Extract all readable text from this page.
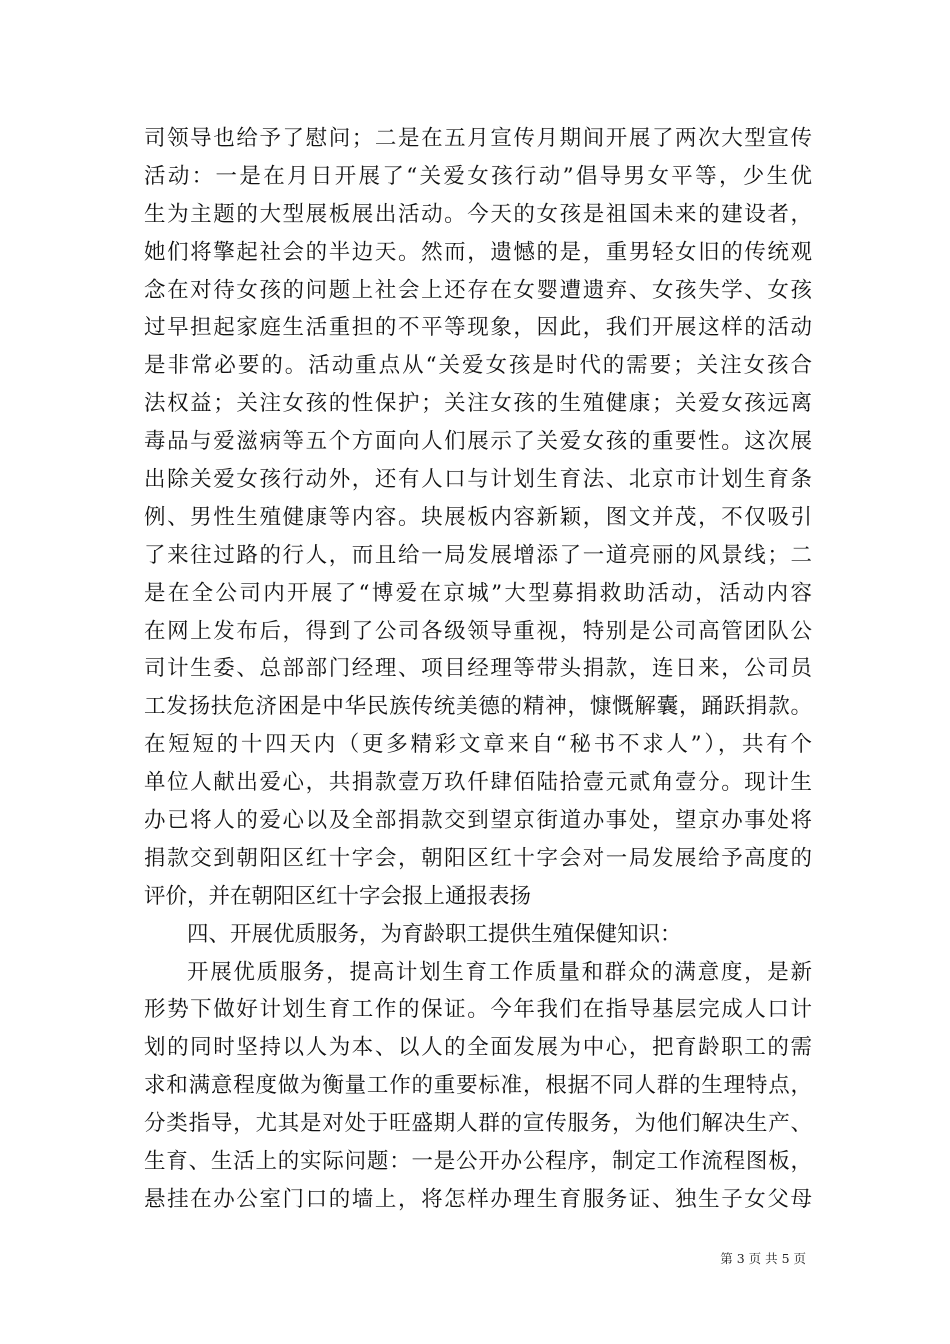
司领导也给予了慰问；二是在五月宣传月期间开展了两次大型宣传
活动：一是在月日开展了“关爱女孩行动”倡导男女平等，少生优
生为主题的大型展板展出活动。今天的女孩是祖国未来的建设者，
她们将擎起社会的半边天。然而，遗憾的是，重男轻女旧的传统观
念在对待女孩的问题上社会上还存在女婴遭遗弃、女孩失学、女孩
过早担起家庭生活重担的不平等现象，因此，我们开展这样的活动
是非常必要的。活动重点从“关爱女孩是时代的需要；关注女孩合
法权益；关注女孩的性保护；关注女孩的生殖健康；关爱女孩远离
毒品与爱滋病等五个方面向人们展示了关爱女孩的重要性。这次展
出除关爱女孩行动外，还有人口与计划生育法、北京市计划生育条
例、男性生殖健康等内容。块展板内容新颖，图文并茂，不仅吸引
了来往过路的行人，而且给一局发展增添了一道亮丽的风景线；二
是在全公司内开展了“博爱在京城”大型募捐救助活动，活动内容
在网上发布后，得到了公司各级领导重视，特别是公司高管团队公
司计生委、总部部门经理、项目经理等带头捐款，连日来，公司员
工发扬扶危济困是中华民族传统美德的精神，慷慨解囊，踊跃捐款。
在短短的十四天内（更多精彩文章来自“秘书不求人”），共有个
单位人献出爱心，共捐款壹万玖仟肆佰陆拾壹元贰角壹分。现计生
办已将人的爱心以及全部捐款交到望京街道办事处，望京办事处将
捐款交到朝阳区红十字会，朝阳区红十字会对一局发展给予高度的
评价，并在朝阳区红十字会报上通报表扬
四、开展优质服务，为育龄职工提供生殖保健知识：
开展优质服务，提高计划生育工作质量和群众的满意度，是新
形势下做好计划生育工作的保证。今年我们在指导基层完成人口计
划的同时坚持以人为本、以人的全面发展为中心，把育龄职工的需
求和满意程度做为衡量工作的重要标准，根据不同人群的生理特点，
分类指导，尤其是对处于旺盛期人群的宣传服务，为他们解决生产、
生育、生活上的实际问题：一是公开办公程序，制定工作流程图板，
悬挂在办公室门口的墙上，将怎样办理生育服务证、独生子女父母
第 3 页 共 5 页
